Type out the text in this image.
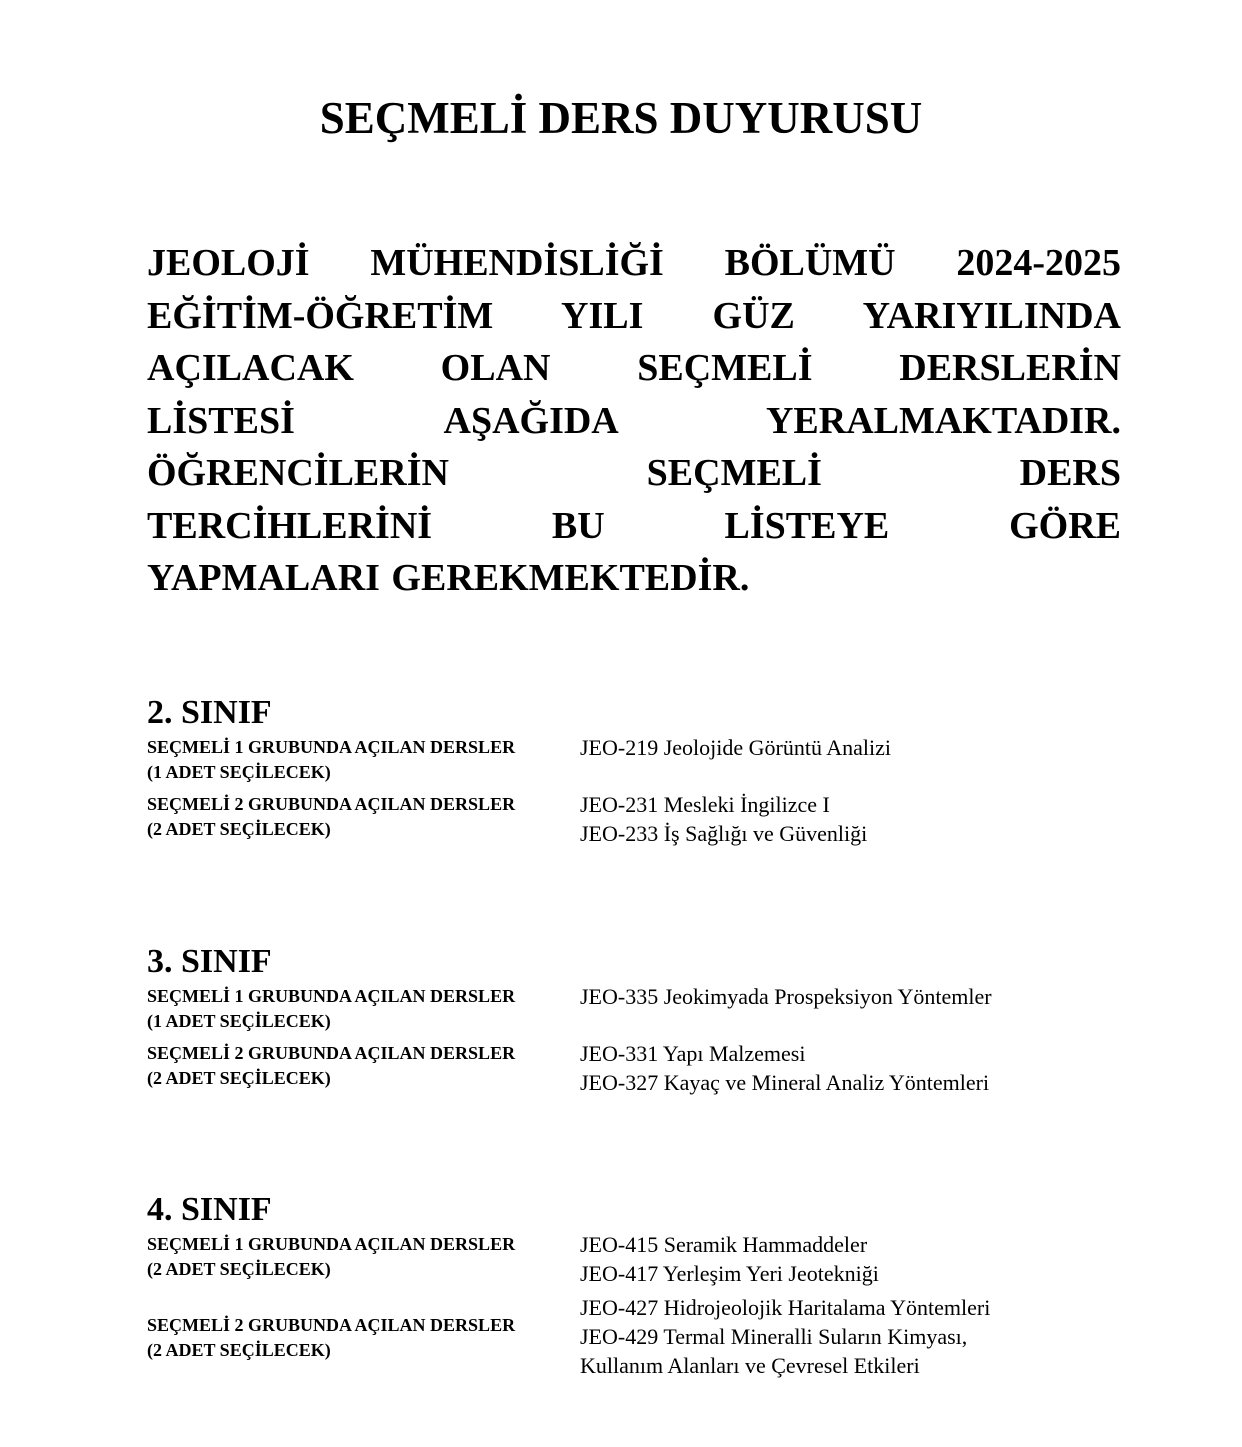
SEÇMELİ DERS DUYURUSU

JEOLOJİ MÜHENDİSLİĞİ BÖLÜMÜ 2024-2025
EĞİTİM-ÖĞRETİM YILI GÜZ YARIYILINDA
AÇILACAK OLAN SEÇMELİ DERSLERİN
LİSTESİ AŞAĞIDA YERALMAKTADIR.
ÖĞRENCİLERİN SEÇMELİ DERS
TERCİHLERİNİ BU LİSTEYE GÖRE
YAPMALARI GEREKMEKTEDİR.

2. SINIF
SEÇMELİ 1 GRUBUNDA AÇILAN DERSLER
(1 ADET SEÇİLECEK)
JEO-219 Jeolojide Görüntü Analizi
SEÇMELİ 2 GRUBUNDA AÇILAN DERSLER
(2 ADET SEÇİLECEK)
JEO-231 Mesleki İngilizce I
JEO-233 İş Sağlığı ve Güvenliği
3. SINIF
SEÇMELİ 1 GRUBUNDA AÇILAN DERSLER
(1 ADET SEÇİLECEK)
JEO-335 Jeokimyada Prospeksiyon Yöntemler
SEÇMELİ 2 GRUBUNDA AÇILAN DERSLER
(2 ADET SEÇİLECEK)
JEO-331 Yapı Malzemesi
JEO-327 Kayaç ve Mineral Analiz Yöntemleri
4. SINIF
SEÇMELİ 1 GRUBUNDA AÇILAN DERSLER
(2 ADET SEÇİLECEK)
JEO-415 Seramik Hammaddeler
JEO-417 Yerleşim Yeri Jeotekniği
SEÇMELİ 2 GRUBUNDA AÇILAN DERSLER
(2 ADET SEÇİLECEK)
JEO-427 Hidrojeolojik Haritalama Yöntemleri
JEO-429 Termal Mineralli Suların Kimyası,
Kullanım Alanları ve Çevresel Etkileri
